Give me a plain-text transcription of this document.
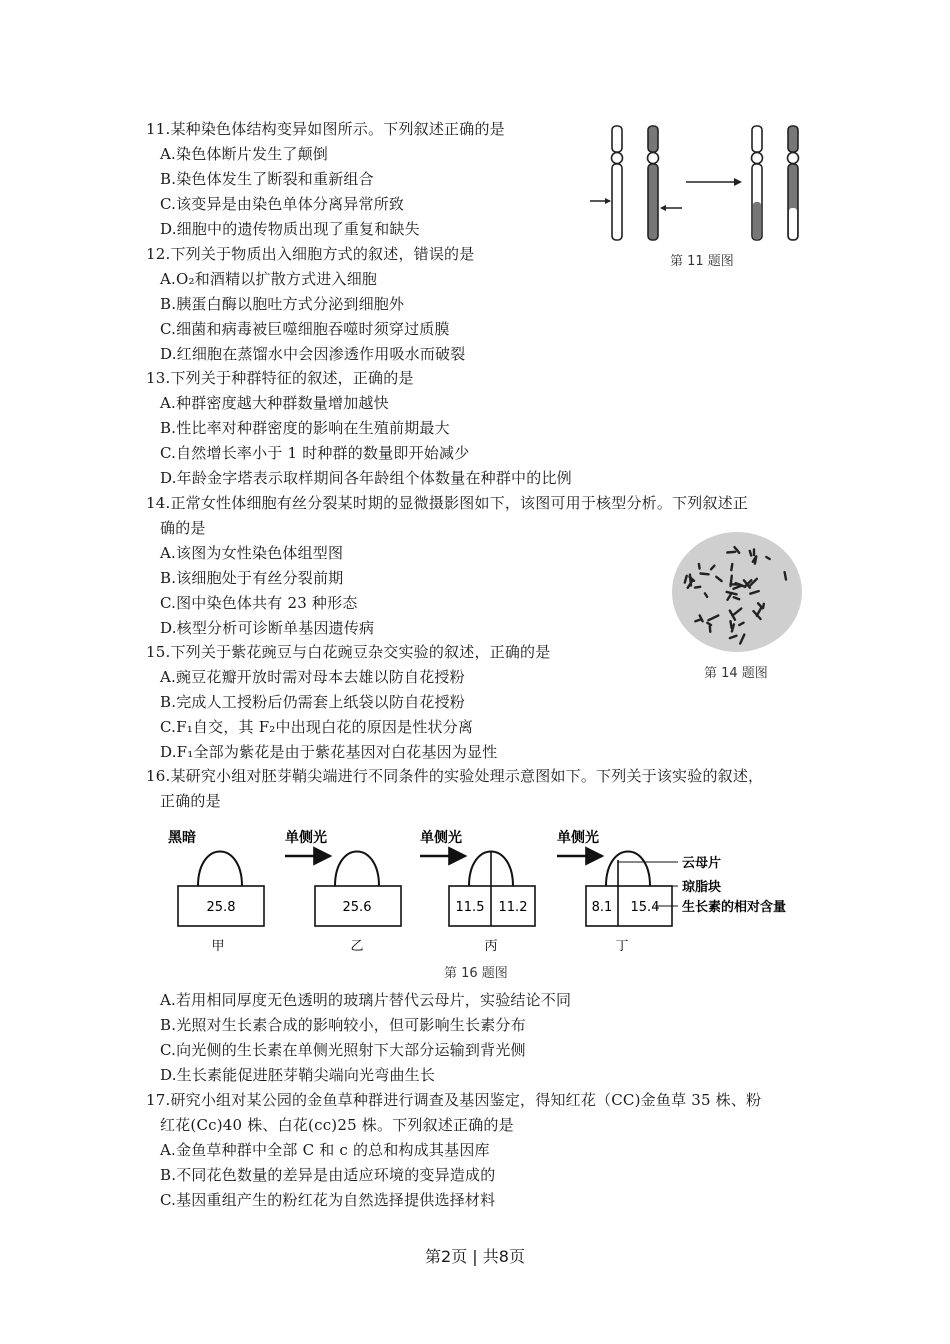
11.某种染色体结构变异如图所示。下列叙述正确的是
A.染色体断片发生了颠倒
B.染色体发生了断裂和重新组合
C.该变异是由染色单体分离异常所致
D.细胞中的遗传物质出现了重复和缺失
第 11 题图
12.下列关于物质出入细胞方式的叙述，错误的是
A.O₂和酒精以扩散方式进入细胞
B.胰蛋白酶以胞吐方式分泌到细胞外
C.细菌和病毒被巨噬细胞吞噬时须穿过质膜
D.红细胞在蒸馏水中会因渗透作用吸水而破裂
13.下列关于种群特征的叙述，正确的是
A.种群密度越大种群数量增加越快
B.性比率对种群密度的影响在生殖前期最大
C.自然增长率小于 1 时种群的数量即开始减少
D.年龄金字塔表示取样期间各年龄组个体数量在种群中的比例
14.正常女性体细胞有丝分裂某时期的显微摄影图如下，该图可用于核型分析。下列叙述正
确的是
A.该图为女性染色体组型图
B.该细胞处于有丝分裂前期
C.图中染色体共有 23 种形态
D.核型分析可诊断单基因遗传病
第 14 题图
15.下列关于紫花豌豆与白花豌豆杂交实验的叙述，正确的是
A.豌豆花瓣开放时需对母本去雄以防自花授粉
B.完成人工授粉后仍需套上纸袋以防自花授粉
C.F₁自交，其 F₂中出现白花的原因是性状分离
D.F₁全部为紫花是由于紫花基因对白花基因为显性
16.某研究小组对胚芽鞘尖端进行不同条件的实验处理示意图如下。下列关于该实验的叙述，
正确的是
黑暗
25.8
甲
单侧光
25.6
乙
单侧光
11.5 11.2
丙
单侧光
8.1 15.4
丁
云母片
琼脂块
生长素的相对含量
第 16 题图
A.若用相同厚度无色透明的玻璃片替代云母片，实验结论不同
B.光照对生长素合成的影响较小，但可影响生长素分布
C.向光侧的生长素在单侧光照射下大部分运输到背光侧
D.生长素能促进胚芽鞘尖端向光弯曲生长
17.研究小组对某公园的金鱼草种群进行调查及基因鉴定，得知红花（CC)金鱼草 35 株、粉
红花(Cc)40 株、白花(cc)25 株。下列叙述正确的是
A.金鱼草种群中全部 C 和 c 的总和构成其基因库
B.不同花色数量的差异是由适应环境的变异造成的
C.基因重组产生的粉红花为自然选择提供选择材料
第2页 | 共8页
